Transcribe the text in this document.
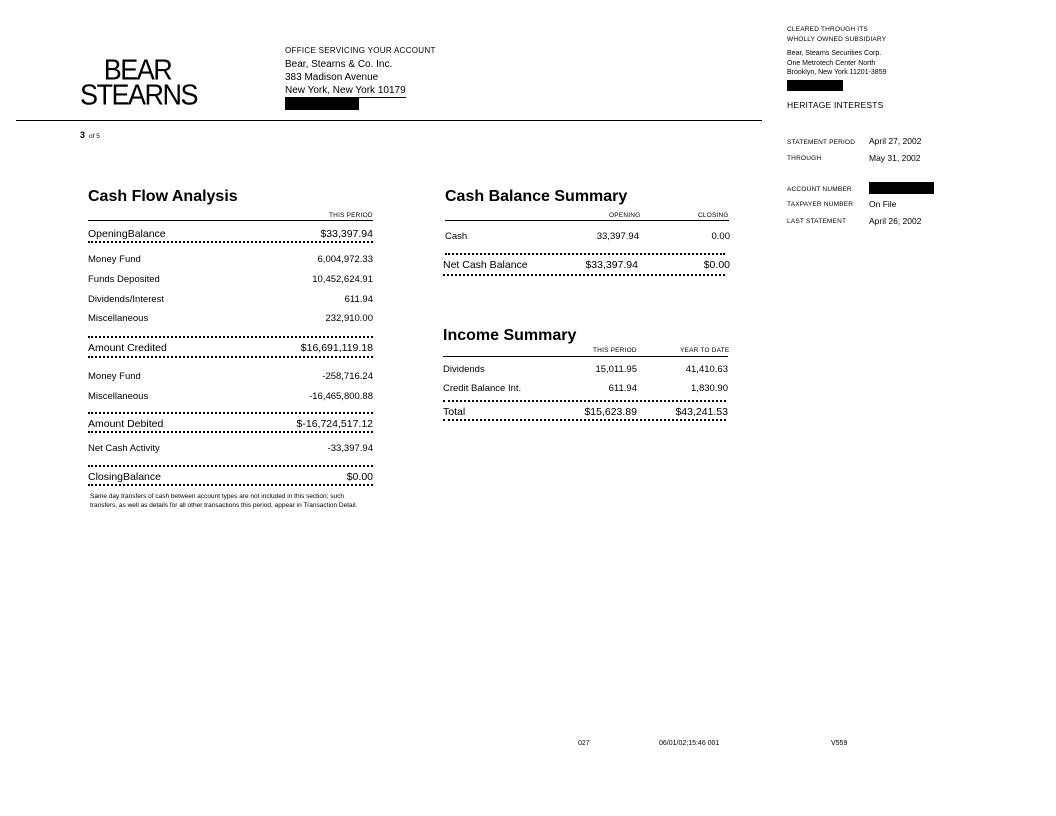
BEAR
STEARNS
OFFICE SERVICING YOUR ACCOUNT
Bear, Stearns & Co. Inc.
383 Madison Avenue
New York, New York 10179
CLEARED THROUGH ITS
WHOLLY OWNED SUBSIDIARY
Bear, Stearns Securities Corp.
One Metrotech Center North
Brooklyn, New York 11201-3859
HERITAGE INTERESTS
3 of 5
STATEMENT PERIOD April 27, 2002
THROUGH	May 31, 2002
ACCOUNT NUMBER
TAXPAYER NUMBER On File
LAST STATEMENT	April 26, 2002
Cash Flow Analysis
THIS PERIOD
OpeningBalance	$33,397.94
Money Fund	6,004,972.33
Funds Deposited	10,452,624.91
Dividends/Interest	611.94
Miscellaneous	232,910.00
Amount Credited	$16,691,119.18
Money Fund	-258,716.24
Miscellaneous	-16,465,800.88
Amount Debited	$-16,724,517.12
Net Cash Activity	-33,397.94
ClosingBalance	$0.00
Same day transfers of cash between account types are not included in this section; such transfers, as well as details for all other transactions this period, appear in Transaction Detail.
Cash Balance Summary
OPENING	CLOSING
Cash	33,397.94	0.00
Net Cash Balance	$33,397.94	$0.00
Income Summary
THIS PERIOD	YEAR TO DATE
Dividends	15,011.95	41,410.63
Credit Balance Int.	611.94	1,830.90
Total	$15,623.89	$43,241.53
027	06/01/02;15:46 001	V559
